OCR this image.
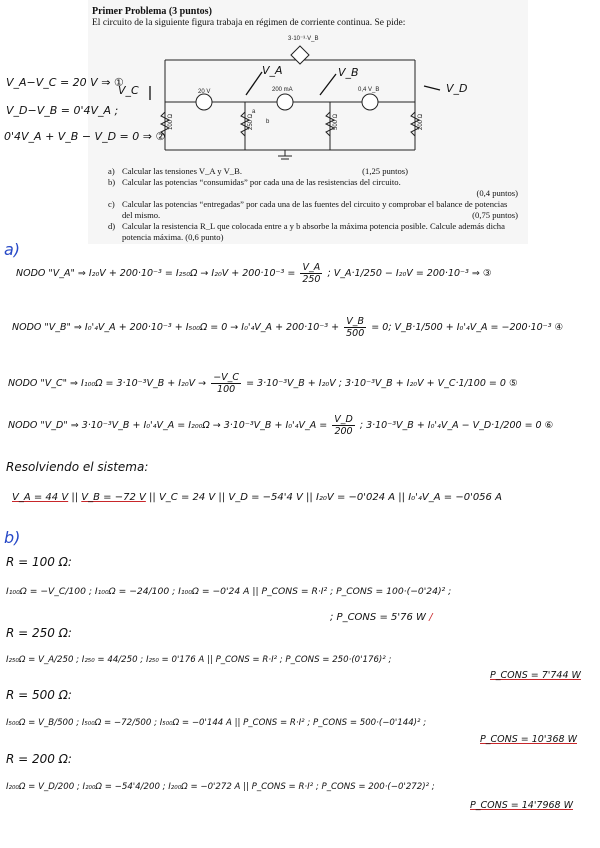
Primer Problema (3 puntos)
El circuito de la siguiente figura trabaja en régimen de corriente continua. Se pide:
3·10⁻³·V_B
20 V	200 mA	0,4 V_B
100 Ω	250 Ω	500 Ω	200 Ω
a
b
V_A	V_B
V_C	V_D
V_A−V_C = 20 V ⇒ ①
V_D−V_B = 0'4V_A ;
0'4V_A + V_B − V_D = 0 ⇒ ②
a) Calcular las tensiones V_A y V_B.	(1,25 puntos)
b) Calcular las potencias “consumidas” por cada una de las resistencias del circuito.
(0,4 puntos)
c) Calcular las potencias “entregadas” por cada una de las fuentes del circuito y comprobar el balance de potencias del mismo.	(0,75 puntos)
d) Calcular la resistencia R_L que colocada entre a y b absorbe la máxima potencia posible. Calcule además dicha potencia máxima. (0,6 punto)
a)
NODO "V_A" ⇒ $I_{20}V + 200\cdot 10^{-3} = I_{250}\Omega \to I_{20}V + 200\cdot 10^{-3} = \frac{V\_A}{250}$ ; V_A·1/250 − I₂₀V = 200·10⁻³ ⇒ ③
NODO "V_B" ⇒ I₀'₄V_A + 200·10⁻³ + I₅₀₀Ω = 0 → I₀'₄V_A + $200\cdot 10^{-3} + \frac{V\_B}{500} = 0$; V_B·1/500 + I₀'₄V_A = −200·10⁻³ ④
NODO "V_C" ⇒ I₁₀₀Ω = 3·10⁻³V_B + $I_{20}V \to \frac{-V\_C}{100}$ = 3·10⁻³V_B + I₂₀V ; 3·10⁻³V_B + I₂₀V + V_C·1/100 = 0 ⑤
NODO "V_D" ⇒ 3·10⁻³V_B + I₀'₄V_A = I₂₀₀Ω → 3·10⁻³V_B + I₀'₄V_A = $\frac{V\_D}{200}$ ; 3·10⁻³V_B + I₀'₄V_A − V_D·1/200 = 0 ⑥
Resolviendo el sistema:
V_A = 44 V || V_B = −72 V || V_C = 24 V || V_D = −54'4 V || I₂₀V = −0'024 A || I₀'₄V_A = −0'056 A
b)
R = 100 Ω:
I₁₀₀Ω = −V_C/100 ; I₁₀₀Ω = −24/100 ; I₁₀₀Ω = −0'24 A || P_CONS = R·I² ; P_CONS = 100·(−0'24)² ;
; P_CONS = 5'76 W /
R = 250 Ω:
I₂₅₀Ω = V_A/250 ; I₂₅₀ = 44/250 ; I₂₅₀ = 0'176 A || P_CONS = R·I² ; P_CONS = 250·(0'176)² ;
P_CONS = 7'744 W
R = 500 Ω:
I₅₀₀Ω = V_B/500 ; I₅₀₀Ω = −72/500 ; I₅₀₀Ω = −0'144 A || P_CONS = R·I² ; P_CONS = 500·(−0'144)² ;
P_CONS = 10'368 W
R = 200 Ω:
I₂₀₀Ω = V_D/200 ; I₂₀₀Ω = −54'4/200 ; I₂₀₀Ω = −0'272 A || P_CONS = R·I² ; P_CONS = 200·(−0'272)² ;
P_CONS = 14'7968 W
